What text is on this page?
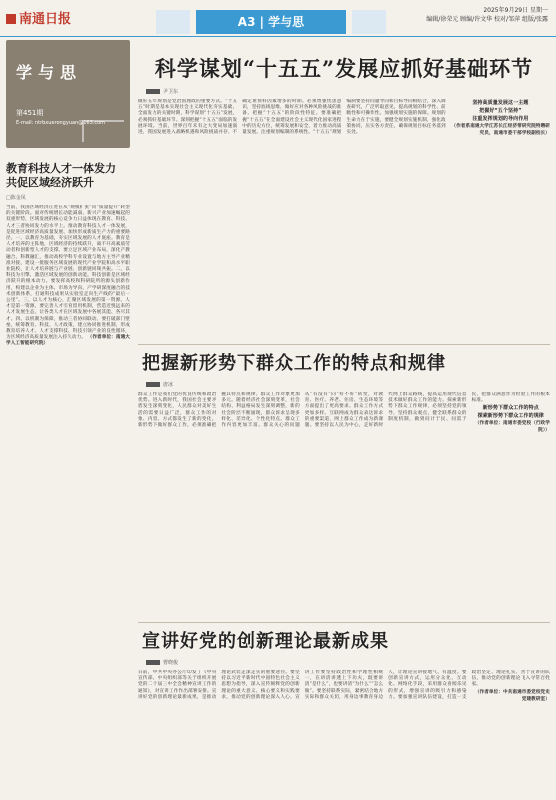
南通日报	A3 | 学与思
2025年9月29日 星期一
编辑/徐荣元 顾编/许文华 校对/邹萍 组版/张露
学与思
第451期
E-mail: ntrbxuerongyuan@163.com
教育科技人才一体发力 共促区域经济跃升
□陈金凤
当前，我国区域经济正处在从“规模扩张”向“质量提升”转型的关键阶段。面对传统增长动能减弱、新兴产业加速崛起的双重形势，区域发展的核心竞争力日益体现在教育、科技、人才三者协同发力的水平上。推动教育科技人才一体发展，是促进区域经济高质量发展、加快形成新质生产力的重要路径。一、以教育为基础，夯实区域发展的人才底座。教育是人才培养的主阵地，区域经济的持续跃升，离不开高素质劳动者和创新型人才的支撑。要立足区域产业布局，深化产教融合、科教融汇，推动高校学科专业设置与地方主导产业精准对接，建设一批服务区域发展的现代产业学院和高水平职业院校，让人才培养链与产业链、创新链同频共振。二、以科技为引擎，激活区域发展的创新动能。科技创新是区域经济跃升的根本动力。要发挥高校和科研院所的源头创新作用，构建以企业为主体、市场为导向、产学研深度融合的技术创新体系，打通科技成果从实验室走向生产线的“最后一公里”。三、以人才为核心，汇聚区域发展的第一资源。人才是第一资源，要完善人才引育留用机制，营造近悦远来的人才发展生态，让各类人才在区域发展中各展其能、各尽其才。四、以机制为保障，推动三者协同联动。要打破部门壁垒，统筹教育、科技、人才政策，建立协同推进机制，形成教育培养人才、人才支撑科技、科技引领产业的良性循环，为区域经济高质量发展注入持久动力。 （作者单位：南通大学人工智能研究院）
科学谋划“十五五”发展应抓好基础环节
尹卫东
做好五年规划是党治国理政的重要方式。“十五五”时期是基本实现社会主义现代化夯实基础、全面发力的关键时期，科学谋划“十五五”发展，必须抓好基础环节。深刻把握“十五五”面临的发展环境。当前，世界百年未有之大变局加速演进，我国发展进入战略机遇和风险挑战并存、不确定难预料因素增多的时期。必须增强忧患意识，坚持底线思维，做好应对各种风险挑战的准备。把握“十五五”的阶段性特征。要准确把握“十五五”在全面建设社会主义现代化国家进程中的历史方位，统筹发展和安全，着力推动高质量发展。注重规划编制的系统性。“十五五”规划编制要坚持问题导向和目标导向相结合，深入调查研究，广泛听取意见，提高规划的科学性、前瞻性和可操作性。加强规划实施的保障。规划的生命力在于实施，要健全规划实施机制，强化政策协同，压实各方责任，确保规划目标任务落到实处。
坚持高质量发展这一主题
把握好“五个坚持”
注重发挥规划的导向作用
（作者系南通大学江苏长江经济带研究院特聘研究员，南通市委干部学校副校长）
把握新形势下群众工作的特点和规律
唐冰
群众工作是我们党的优良传统和政治优势。进入新时代，我国社会主要矛盾发生深刻变化，人民群众对美好生活的需要日益广泛，群众工作的对象、内容、方式都发生了新的变化。新形势下做好群众工作，必须准确把握其特点和规律。群众工作对象更加多元。随着经济社会深刻变革，社会结构、利益格局发生深刻调整，新的社会阶层不断涌现，群众诉求呈现多样化、差异化、个性化特点。群众工作内容更加丰富。群众关心的问题从“有没有”向“好不好”转变，对教育、医疗、养老、住房、生态环境等方面提出了更高要求。群众工作方式更加多样。互联网成为群众表达诉求的重要渠道，网上群众工作成为新课题。要坚持以人民为中心，走好新时代网上群众路线，提高运用现代信息技术做好群众工作的能力。探索新形势下群众工作规律，必须坚持党的领导，坚持群众观点，健全联系群众的制度机制，做到问计于民、问需于民，把群众满意作为检验工作的根本标准。
新形势下群众工作的特点
探索新形势下群众工作的规律
（作者单位：南通市委党校（行政学院））
宣讲好党的创新理论最新成果
曹晓俊
日前，中共中央办公厅印发了《中央宣传部、中央组织部等关于组织开展党的二十届三中全会精神宣讲工作的通知》，对宣讲工作作出部署安排。宣讲好党的创新理论最新成果，是推动理论武装走深走实的重要途径。要坚持以习近平新时代中国特色社会主义思想为指导，深入宣传阐释党的创新理论的重大意义、核心要义和实践要求，推动党的创新理论深入人心。宣讲工作要坚持政治性和学理性相统一，在讲清讲透上下功夫，既要讲清“是什么”，也要讲清“为什么”“怎么做”。要坚持联系实际，紧密结合地方实际和群众关切，用身边事教育身边人，让理论宣讲接地气、有温度。要创新宣讲方式，运用分众化、互动化、网络化手段，采用群众喜闻乐见的形式，增强宣讲的吸引力和感染力。要加强宣讲队伍建设，打造一支政治坚定、理论扎实、善于宣讲的队伍，推动党的创新理论飞入寻常百姓家。
（作者单位：中共南通市委党校党史党建教研室）
